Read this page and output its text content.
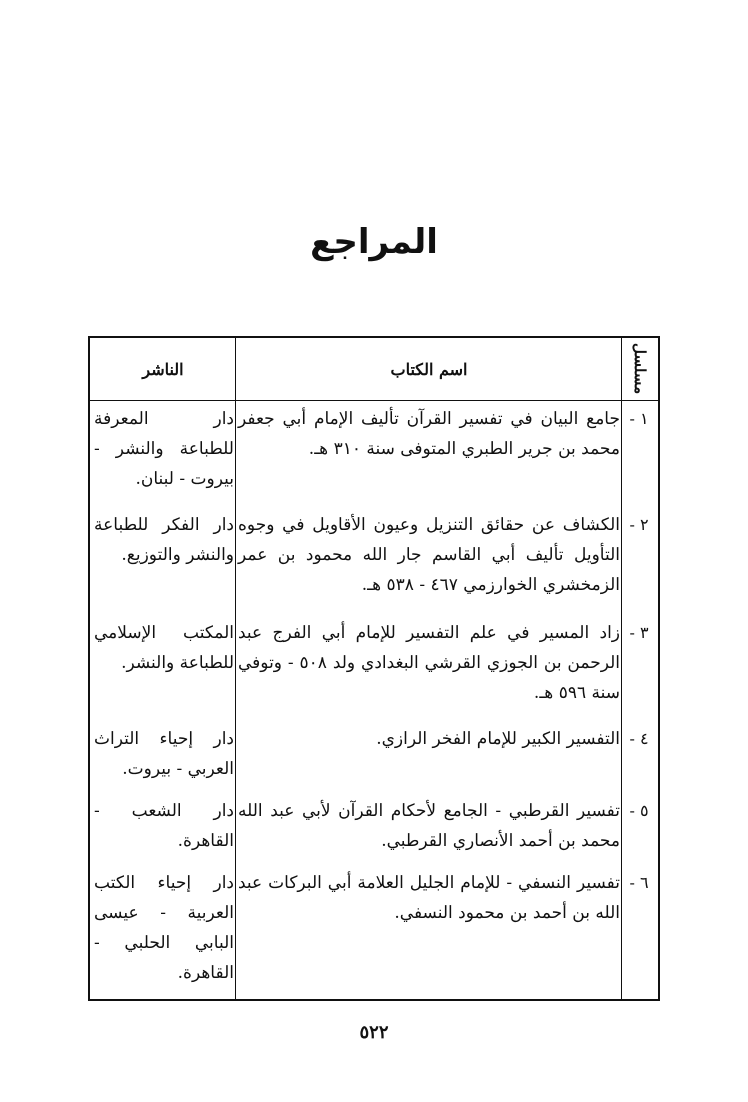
المراجع
مسلسل
اسم الكتاب
الناشر
١ -
جامع البيان في تفسير القرآن تأليف الإمام أبي جعفر محمد بن جرير الطبري المتوفى سنة ٣١٠ هـ.
دار المعرفة للطباعة والنشر - بيروت - لبنان.
٢ -
الكشاف عن حقائق التنزيل وعيون الأقاويل في وجوه التأويل تأليف أبي القاسم جار الله محمود بن عمر الزمخشري الخوارزمي ٤٦٧ - ٥٣٨ هـ.
دار الفكر للطباعة والنشر والتوزيع.
٣ -
زاد المسير في علم التفسير للإمام أبي الفرج عبد الرحمن بن الجوزي القرشي البغدادي ولد ٥٠٨ - وتوفي سنة ٥٩٦ هـ.
المكتب الإسلامي للطباعة والنشر.
٤ -
التفسير الكبير للإمام الفخر الرازي.
دار إحياء التراث العربي - بيروت.
٥ -
تفسير القرطبي - الجامع لأحكام القرآن لأبي عبد الله محمد بن أحمد الأنصاري القرطبي.
دار الشعب - القاهرة.
٦ -
تفسير النسفي - للإمام الجليل العلامة أبي البركات عبد الله بن أحمد بن محمود النسفي.
دار إحياء الكتب العربية - عيسى البابي الحلبي - القاهرة.
٥٢٢
